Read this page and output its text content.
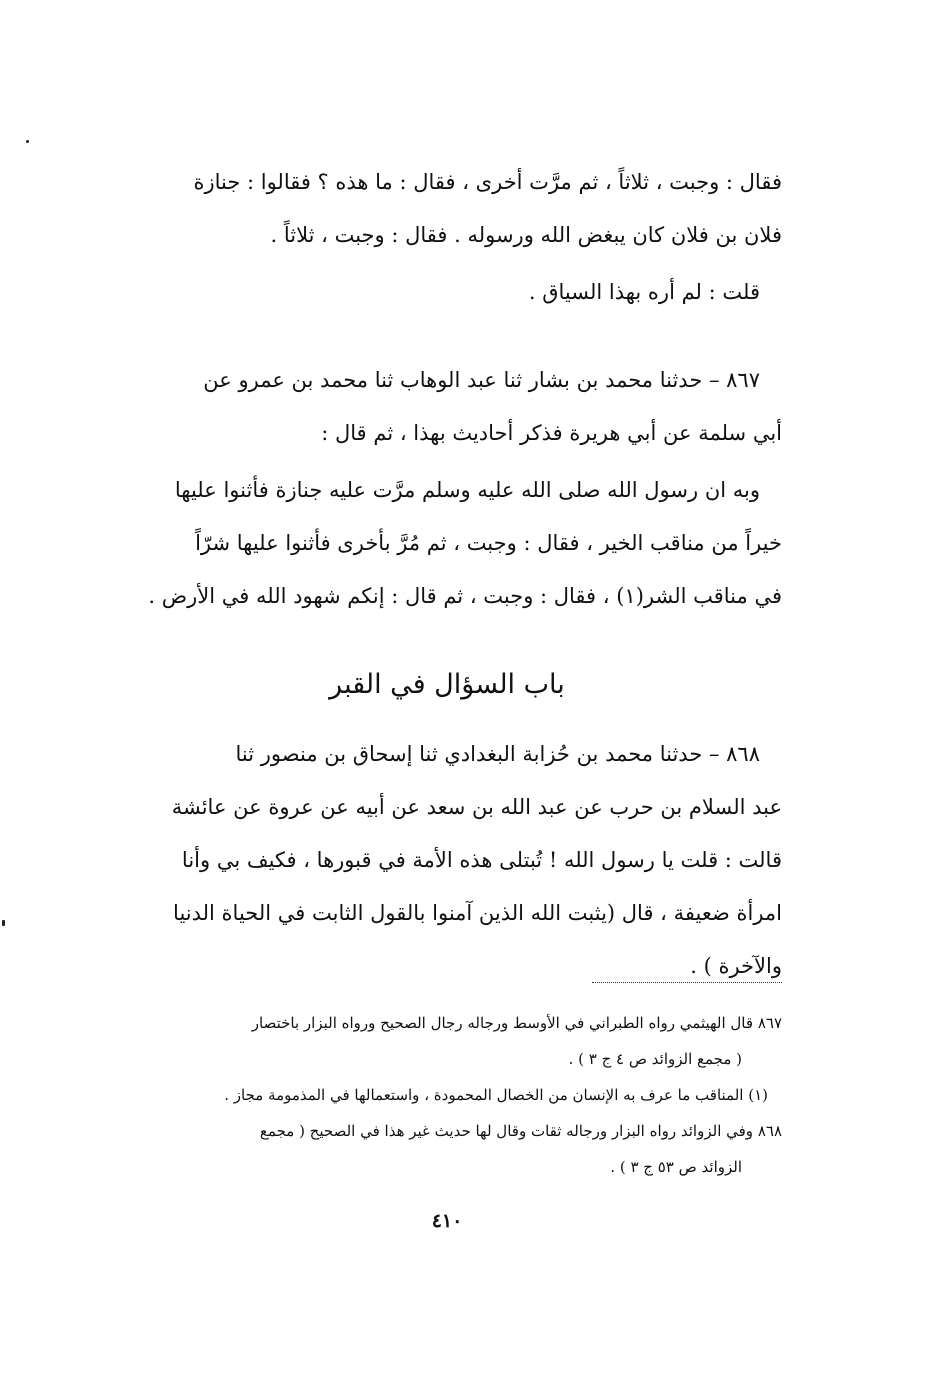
فقال : وجبت ، ثلاثاً ، ثم مرَّت أخرى ، فقال : ما هذه ؟ فقالوا : جنازة
فلان بن فلان كان يبغض الله ورسوله . فقال : وجبت ، ثلاثاً .
قلت : لم أره بهذا السياق .
٨٦٧ – حدثنا محمد بن بشار ثنا عبد الوهاب ثنا محمد بن عمرو عن
أبي سلمة عن أبي هريرة فذكر أحاديث بهذا ، ثم قال :
وبه ان رسول الله صلى الله عليه وسلم مرَّت عليه جنازة فأثنوا عليها
خيراً من مناقب الخير ، فقال : وجبت ، ثم مُرَّ بأخرى فأثنوا عليها شرّاً
في مناقب الشر(١) ، فقال : وجبت ، ثم قال : إنكم شهود الله في الأرض .
باب السؤال في القبر
٨٦٨ – حدثنا محمد بن حُزابة البغدادي ثنا إسحاق بن منصور ثنا
عبد السلام بن حرب عن عبد الله بن سعد عن أبيه عن عروة عن عائشة
قالت : قلت يا رسول الله ! تُبتلى هذه الأمة في قبورها ، فكيف بي وأنا
امرأة ضعيفة ، قال (يثبت الله الذين آمنوا بالقول الثابت في الحياة الدنيا
والآخرة ) .
٨٦٧ قال الهيثمي رواه الطبراني في الأوسط ورجاله رجال الصحيح ورواه البزار باختصار
( مجمع الزوائد ص ٤ ج ٣ ) .
(١) المناقب ما عرف به الإنسان من الخصال المحمودة ، واستعمالها في المذمومة مجاز .
٨٦٨ وفي الزوائد رواه البزار ورجاله ثقات وقال لها حديث غير هذا في الصحيح ( مجمع
الزوائد ص ٥٣ ج ٣ ) .
٤١٠
